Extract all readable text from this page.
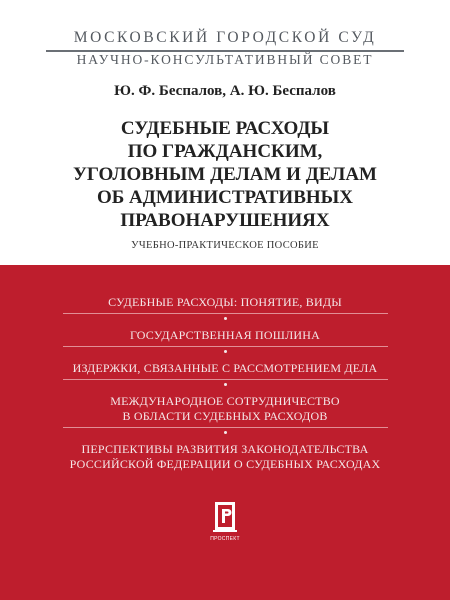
МОСКОВСКИЙ ГОРОДСКОЙ СУД
НАУЧНО-КОНСУЛЬТАТИВНЫЙ СОВЕТ
Ю. Ф. Беспалов, А. Ю. Беспалов
СУДЕБНЫЕ РАСХОДЫ
ПО ГРАЖДАНСКИМ,
УГОЛОВНЫМ ДЕЛАМ И ДЕЛАМ
ОБ АДМИНИСТРАТИВНЫХ
ПРАВОНАРУШЕНИЯХ
УЧЕБНО-ПРАКТИЧЕСКОЕ ПОСОБИЕ
СУДЕБНЫЕ РАСХОДЫ: ПОНЯТИЕ, ВИДЫ
ГОСУДАРСТВЕННАЯ ПОШЛИНА
ИЗДЕРЖКИ, СВЯЗАННЫЕ С РАССМОТРЕНИЕМ ДЕЛА
МЕЖДУНАРОДНОЕ СОТРУДНИЧЕСТВО
В ОБЛАСТИ СУДЕБНЫХ РАСХОДОВ
ПЕРСПЕКТИВЫ РАЗВИТИЯ ЗАКОНОДАТЕЛЬСТВА
РОССИЙСКОЙ ФЕДЕРАЦИИ О СУДЕБНЫХ РАСХОДАХ
ПРОСПЕКТ
